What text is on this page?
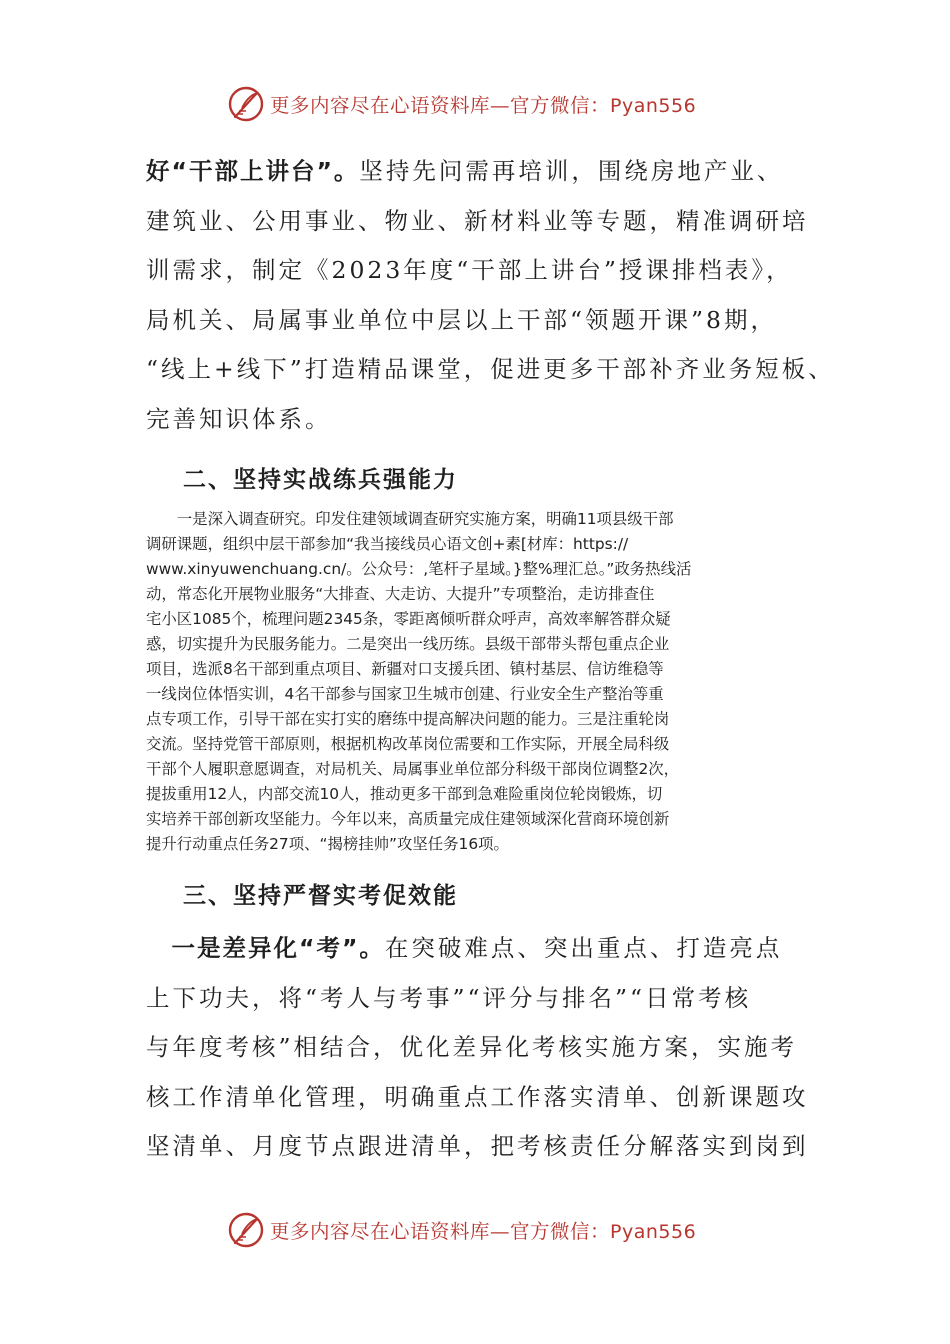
更多内容尽在心语资料库—官方微信：Pyan556

好“干部上讲台”。坚持先问需再培训，围绕房地产业、
建筑业、公用事业、物业、新材料业等专题，精准调研培
训需求，制定《2023年度“干部上讲台”授课排档表》，
局机关、局属事业单位中层以上干部“领题开课”8期，
“线上+线下”打造精品课堂，促进更多干部补齐业务短板、
完善知识体系。

二、坚持实战练兵强能力

　　一是深入调查研究。印发住建领域调查研究实施方案，明确11项县级干部
调研课题，组织中层干部参加“我当接线员心语文创+素[材库：https://
www.xinyuwenchuang.cn/。公众号：,笔杆子星域。}整%理汇总。”政务热线活
动，常态化开展物业服务“大排查、大走访、大提升”专项整治，走访排查住
宅小区1085个，梳理问题2345条，零距离倾听群众呼声，高效率解答群众疑
惑，切实提升为民服务能力。二是突出一线历练。县级干部带头帮包重点企业
项目，选派8名干部到重点项目、新疆对口支援兵团、镇村基层、信访维稳等
一线岗位体悟实训，4名干部参与国家卫生城市创建、行业安全生产整治等重
点专项工作，引导干部在实打实的磨练中提高解决问题的能力。三是注重轮岗
交流。坚持党管干部原则，根据机构改革岗位需要和工作实际，开展全局科级
干部个人履职意愿调查，对局机关、局属事业单位部分科级干部岗位调整2次，
提拔重用12人，内部交流10人，推动更多干部到急难险重岗位轮岗锻炼，切
实培养干部创新攻坚能力。今年以来，高质量完成住建领域深化营商环境创新
提升行动重点任务27项、“揭榜挂帅”攻坚任务16项。

三、坚持严督实考促效能

　一是差异化“考”。在突破难点、突出重点、打造亮点
上下功夫，将“考人与考事”“评分与排名”“日常考核
与年度考核”相结合，优化差异化考核实施方案，实施考
核工作清单化管理，明确重点工作落实清单、创新课题攻
坚清单、月度节点跟进清单，把考核责任分解落实到岗到

更多内容尽在心语资料库—官方微信：Pyan556
